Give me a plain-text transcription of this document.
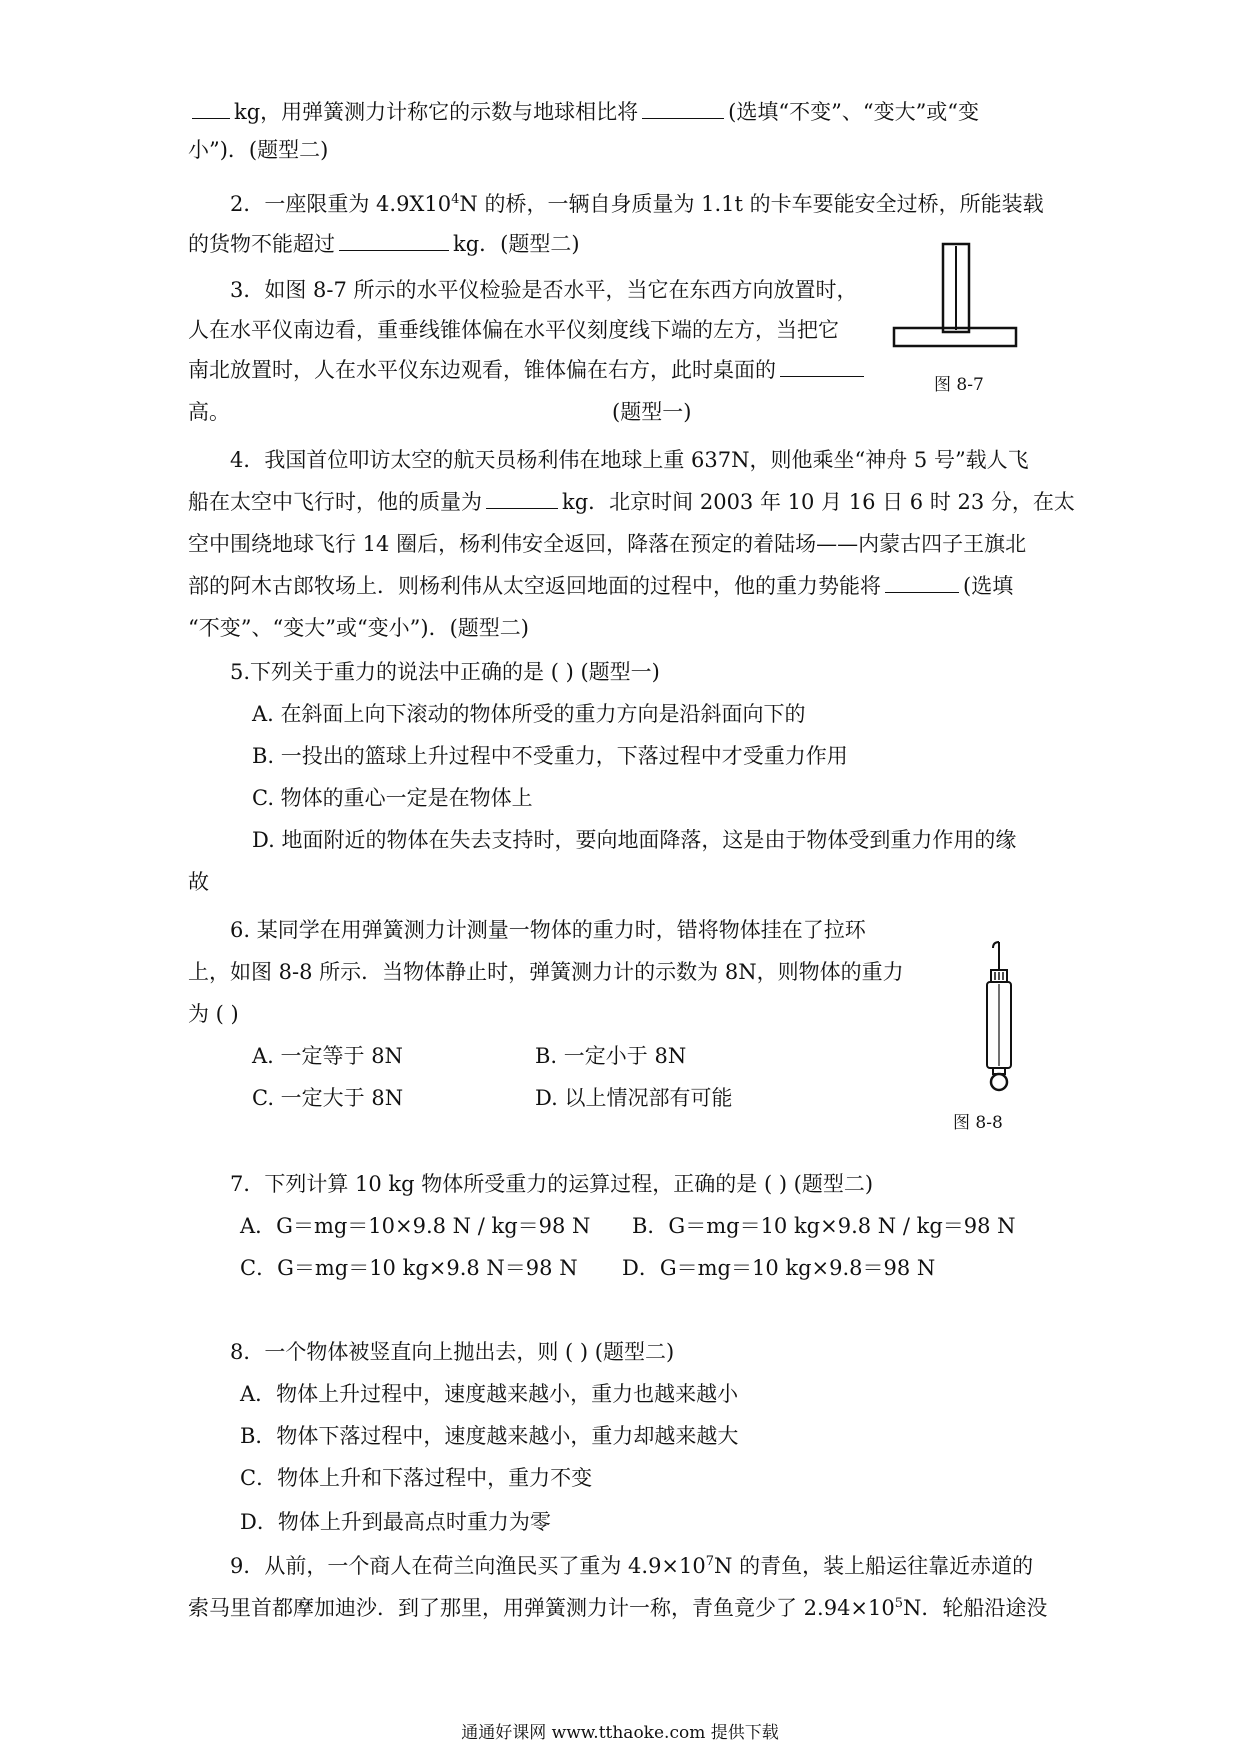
kg，用弹簧测力计称它的示数与地球相比将	(选填“不变”、“变大”或“变
小”)．(题型二)
2．一座限重为 $4.9X10^4N$ 的桥，一辆自身质量为 1.1t 的卡车要能安全过桥，所能装载
的货物不能超过	kg．(题型二)
3．如图 8-7 所示的水平仪检验是否水平，当它在东西方向放置时，
人在水平仪南边看，重垂线锥体偏在水平仪刻度线下端的左方，当把它
南北放置时，人在水平仪东边观看，锥体偏在右方，此时桌面的
高。	(题型一)
图 8-7
4．我国首位叩访太空的航天员杨利伟在地球上重 637N，则他乘坐“神舟 5 号”载人飞
船在太空中飞行时，他的质量为	kg．北京时间 2003 年 10 月 16 日 6 时 23 分，在太
空中围绕地球飞行 14 圈后，杨利伟安全返回，降落在预定的着陆场——内蒙古四子王旗北
部的阿木古郎牧场上．则杨利伟从太空返回地面的过程中，他的重力势能将	(选填
“不变”、“变大”或“变小”)．(题型二)
5.下列关于重力的说法中正确的是 ( ) (题型一)
A. 在斜面上向下滚动的物体所受的重力方向是沿斜面向下的
B. 一投出的篮球上升过程中不受重力，下落过程中才受重力作用
C. 物体的重心一定是在物体上
D. 地面附近的物体在失去支持时，要向地面降落，这是由于物体受到重力作用的缘
故
6. 某同学在用弹簧测力计测量一物体的重力时，错将物体挂在了拉环
上，如图 8-8 所示．当物体静止时，弹簧测力计的示数为 8N，则物体的重力
为 ( )
A. 一定等于 8N	B. 一定小于 8N
C. 一定大于 8N	D. 以上情况部有可能
图 8-8
7．下列计算 10 kg 物体所受重力的运算过程，正确的是 ( ) (题型二)
A．G＝mg＝10×9.8 N / kg＝98 N B．G＝mg＝10 kg×9.8 N / kg＝98 N
C．G＝mg＝10 kg×9.8 N＝98 N D．G＝mg＝10 kg×9.8＝98 N
8．一个物体被竖直向上抛出去，则 ( ) (题型二)
A．物体上升过程中，速度越来越小，重力也越来越小
B．物体下落过程中，速度越来越小，重力却越来越大
C．物体上升和下落过程中，重力不变
D．物体上升到最高点时重力为零
9．从前，一个商人在荷兰向渔民买了重为 $4.9\times 10^7N$ 的青鱼，装上船运往靠近赤道的
索马里首都摩加迪沙．到了那里，用弹簧测力计一称，青鱼竟少了 $2.94\times 10^5N$．轮船沿途没
通通好课网 www.tthaoke.com 提供下载
